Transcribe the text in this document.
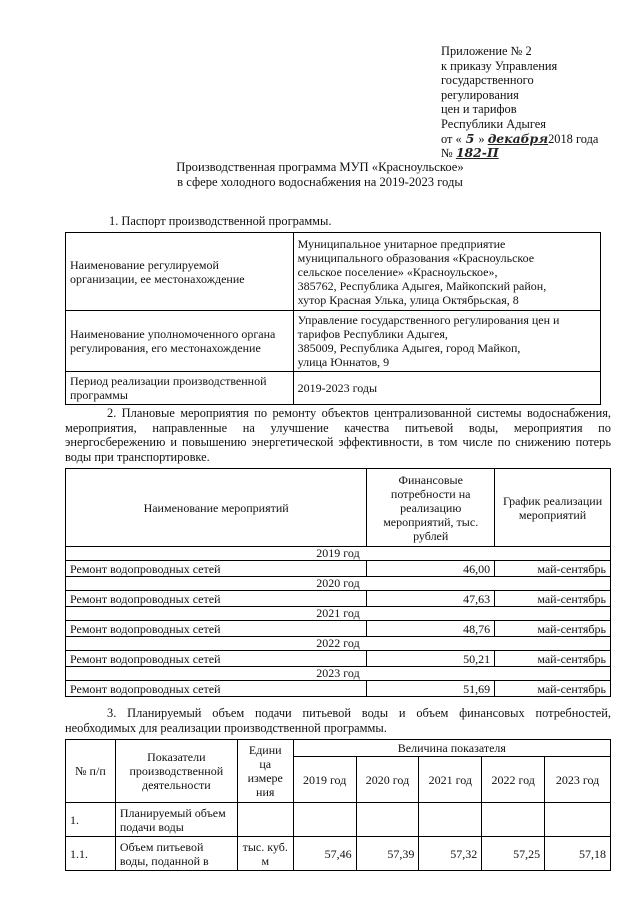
Приложение № 2
к приказу Управления
государственного
регулирования
цен и тарифов
Республики Адыгея
от « 5 » декабря2018 года
№ 182-П
Производственная программа МУП «Красноульское»
в сфере холодного водоснабжения на 2019-2023 годы
1. Паспорт производственной программы.
Наименование регулируемой организации, ее местонахождение	Муниципальное унитарное предприятие
муниципального образования «Красноульское
сельское поселение» «Красноульское»,
385762, Республика Адыгея, Майкопский район,
хутор Красная Улька, улица Октябрьская, 8

Наименование уполномоченного органа регулирования, его местонахождение	Управление государственного регулирования цен и
тарифов Республики Адыгея,
385009, Республика Адыгея, город Майкоп,
улица Юннатов, 9

Период реализации производственной программы	2019-2023 годы
2. Плановые мероприятия по ремонту объектов централизованной системы водоснабжения, мероприятия, направленные на улучшение качества питьевой воды, мероприятия по энергосбережению и повышению энергетической эффективности, в том числе по снижению потерь воды при транспортировке.
Наименование мероприятий	Финансовые потребности на реализацию мероприятий, тыс. рублей	График реализации мероприятий
2019 год		
Ремонт водопроводных сетей	46,00	май-сентябрь
2020 год		
Ремонт водопроводных сетей	47,63	май-сентябрь
2021 год		
Ремонт водопроводных сетей	48,76	май-сентябрь
2022 год		
Ремонт водопроводных сетей	50,21	май-сентябрь
2023 год		
Ремонт водопроводных сетей	51,69	май-сентябрь
3. Планируемый объем подачи питьевой воды и объем финансовых потребностей, необходимых для реализации производственной программы.
№ п/п	Показатели производственной деятельности	Едини ца измере ния	Величина показателя				
			2019 год	2020 год	2021 год	2022 год	2023 год
1.	Планируемый объем подачи воды						
1.1.	Объем питьевой воды, поданной в	тыс. куб. м	57,46	57,39	57,32	57,25	57,18
